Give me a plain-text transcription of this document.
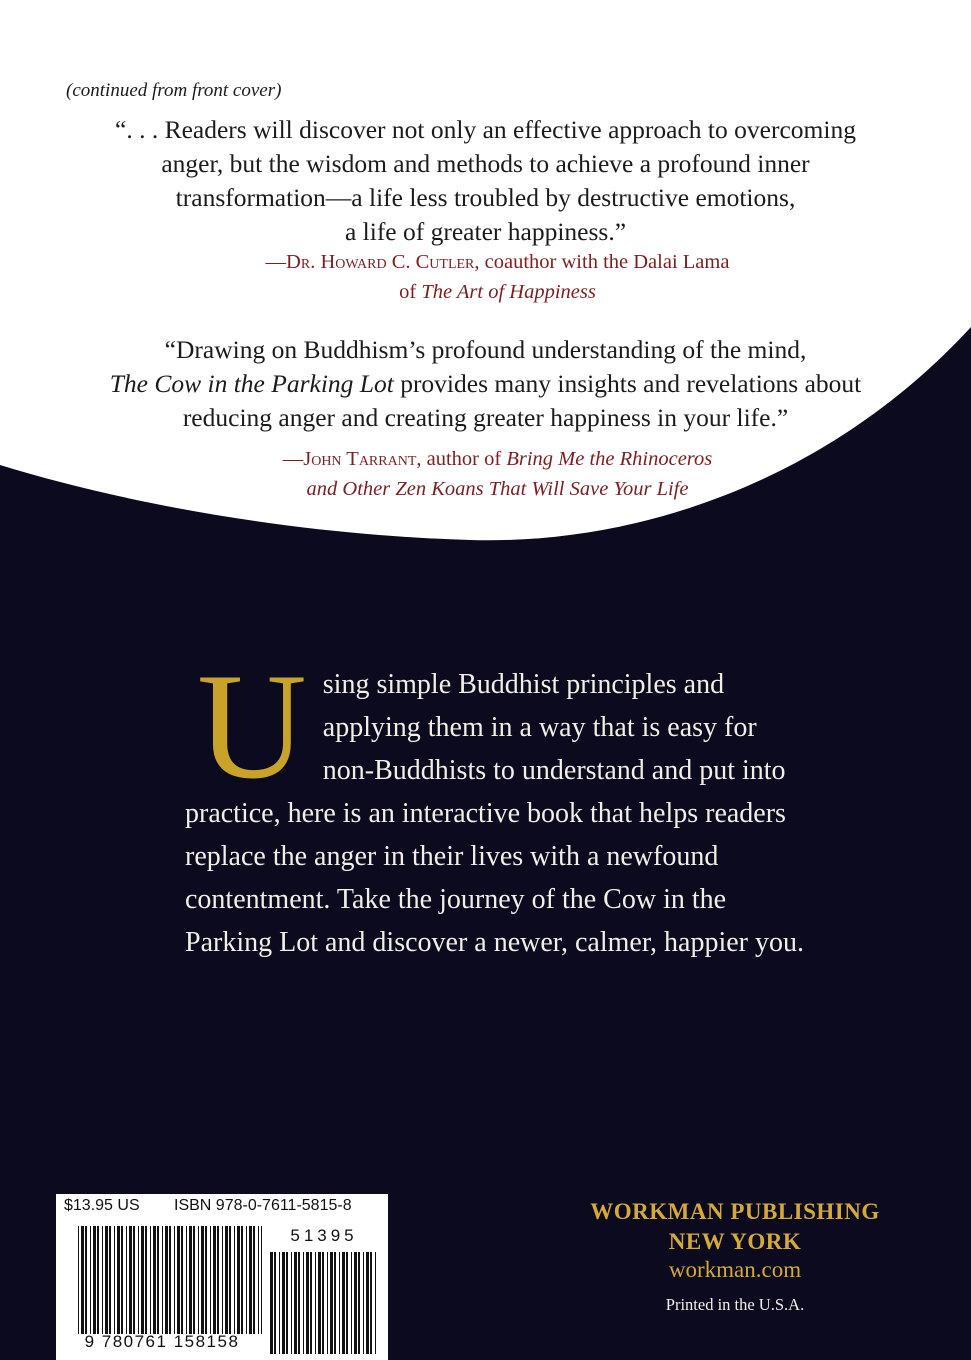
(continued from front cover)
“. . . Readers will discover not only an effective approach to overcoming
anger, but the wisdom and methods to achieve a profound inner
transformation—a life less troubled by destructive emotions,
a life of greater happiness.”
—Dr. Howard C. Cutler, coauthor with the Dalai Lama
of The Art of Happiness
“Drawing on Buddhism’s profound understanding of the mind,
The Cow in the Parking Lot provides many insights and revelations about
reducing anger and creating greater happiness in your life.”
—John Tarrant, author of Bring Me the Rhinoceros
and Other Zen Koans That Will Save Your Life
U sing simple Buddhist principles and applying them in a way that is easy for non-Buddhists to understand and put into practice, here is an interactive book that helps readers replace the anger in their lives with a newfound contentment. Take the journey of the Cow in the Parking Lot and discover a newer, calmer, happier you.
$13.95 US ISBN 978-0-7611-5815-8
51395
9 780761 158158
WORKMAN PUBLISHING
NEW YORK
workman.com
Printed in the U.S.A.
